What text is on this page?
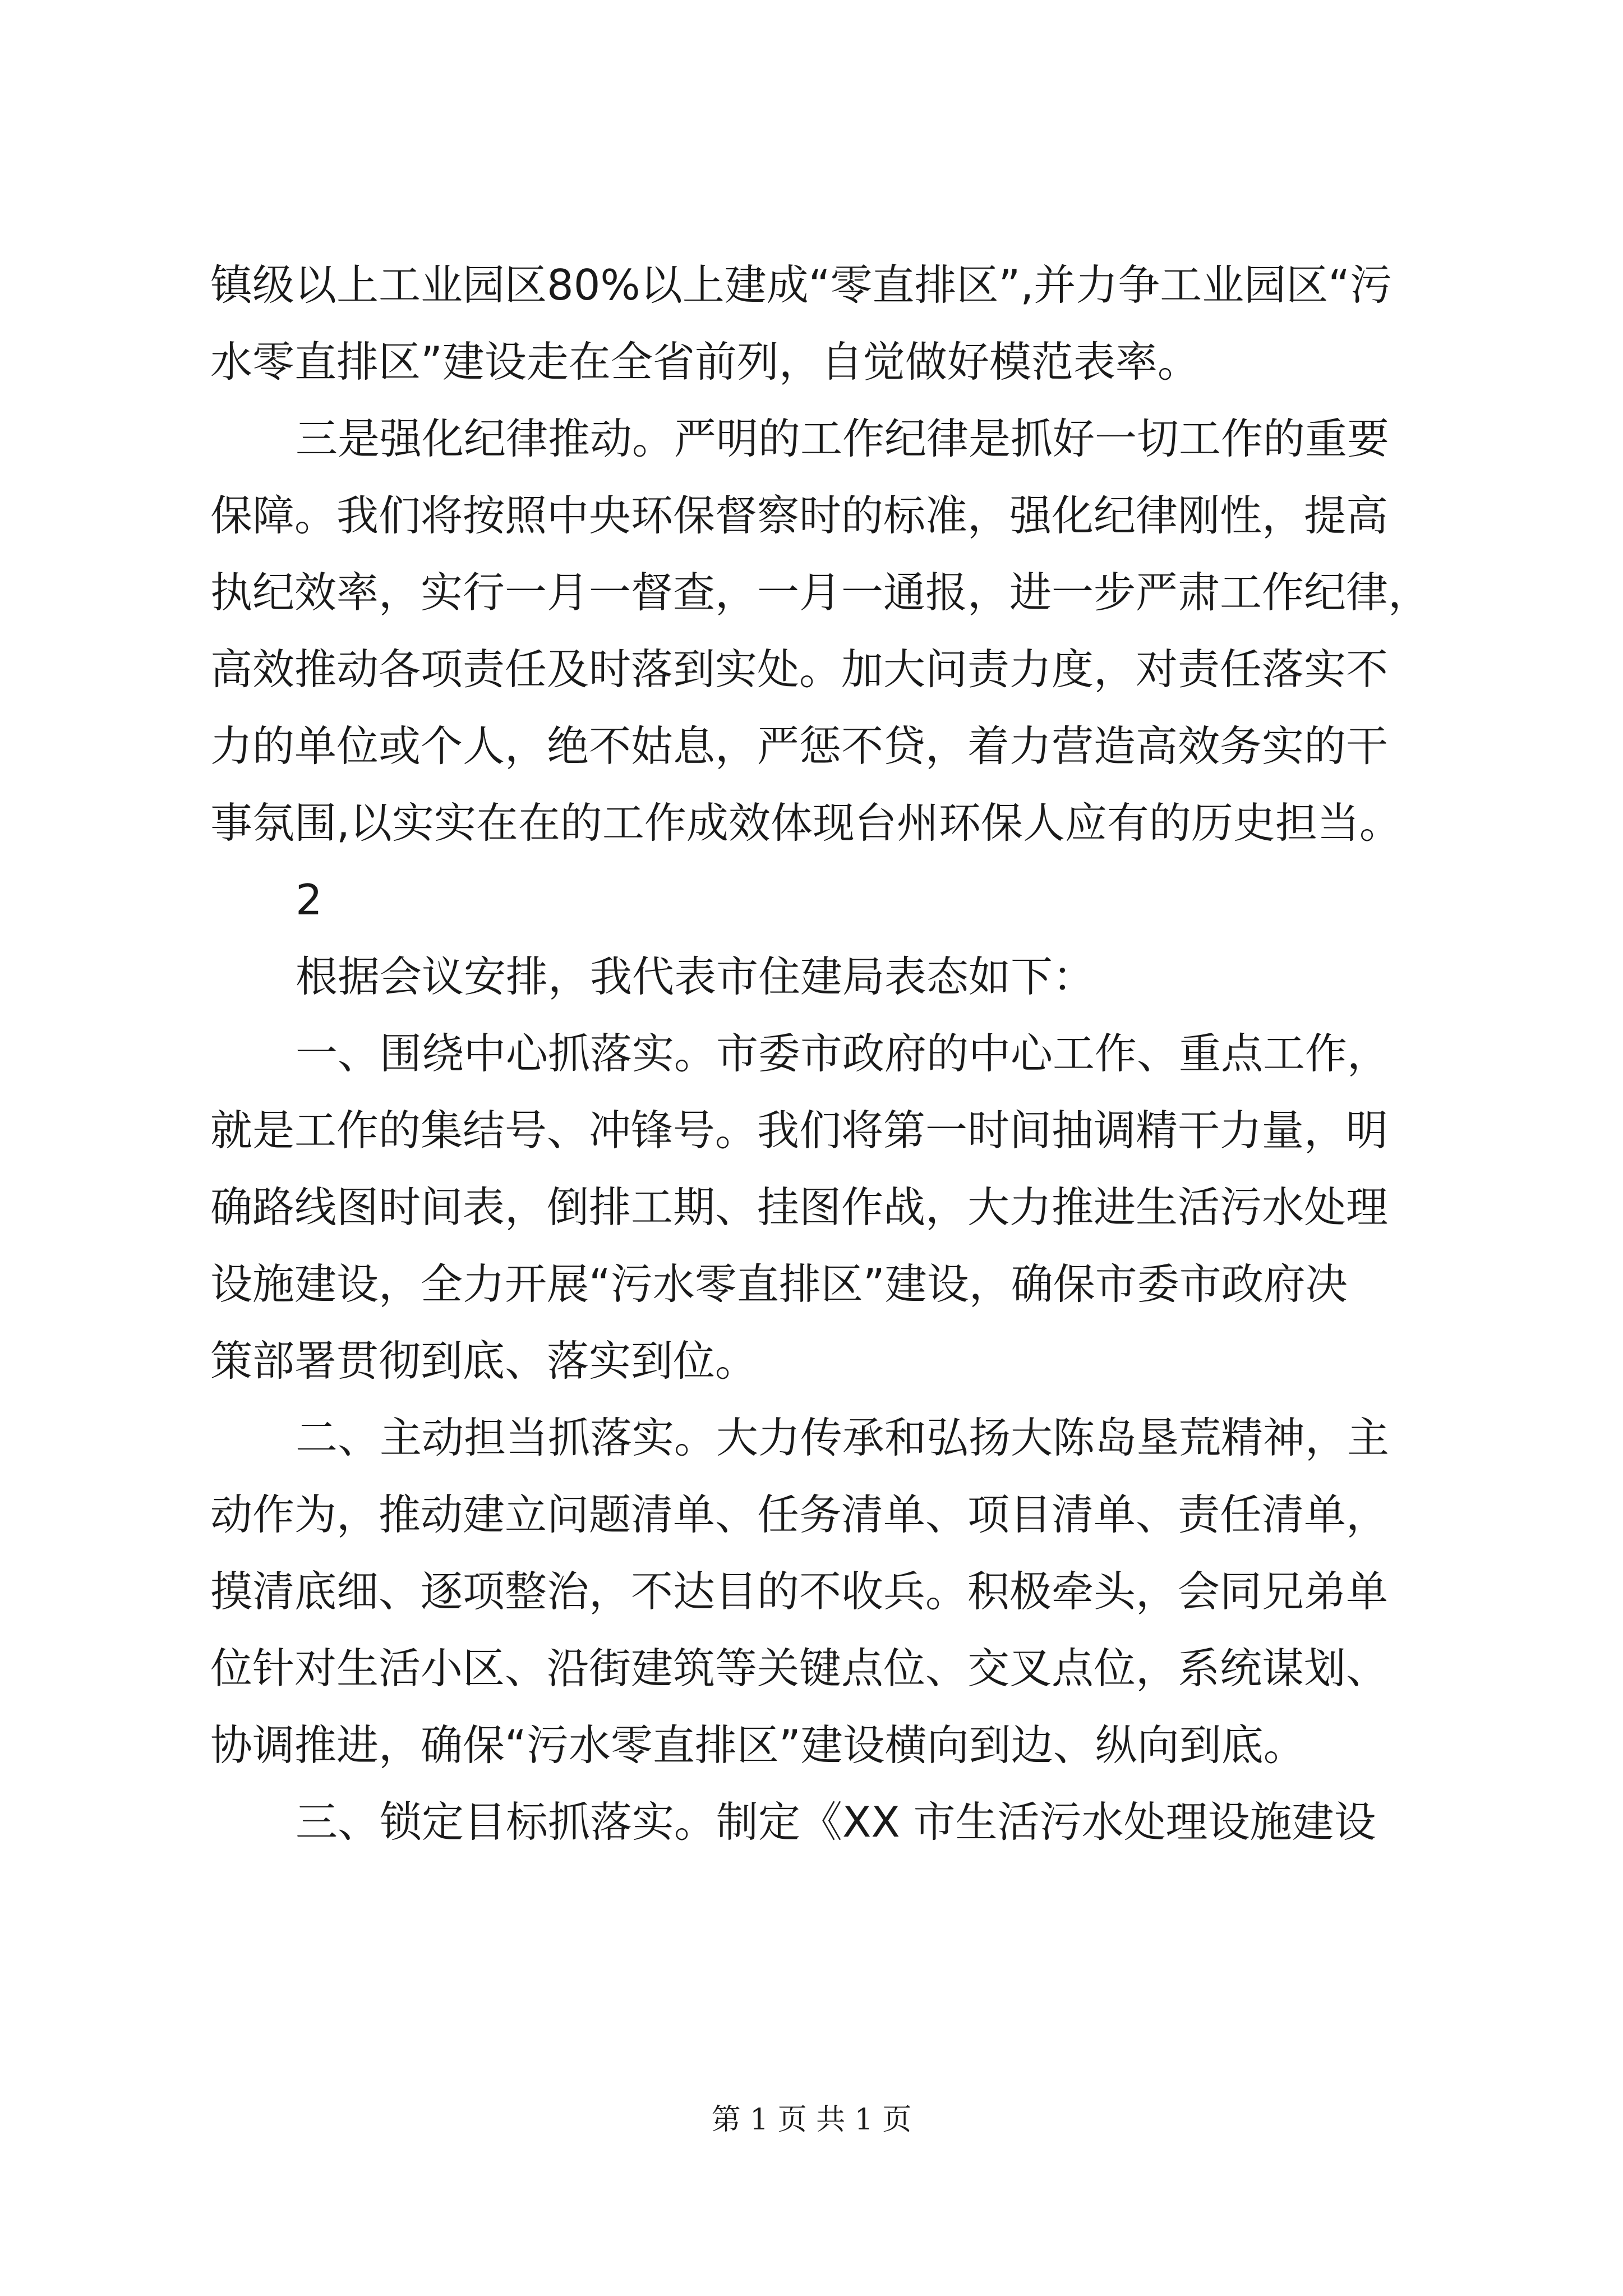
镇级以上工业园区80%以上建成“零直排区”,并力争工业园区“污
水零直排区”建设走在全省前列，自觉做好模范表率。
三是强化纪律推动。严明的工作纪律是抓好一切工作的重要
保障。我们将按照中央环保督察时的标准，强化纪律刚性，提高
执纪效率，实行一月一督查，一月一通报，进一步严肃工作纪律，
高效推动各项责任及时落到实处。加大问责力度，对责任落实不
力的单位或个人，绝不姑息，严惩不贷，着力营造高效务实的干
事氛围,以实实在在的工作成效体现台州环保人应有的历史担当。
2
根据会议安排，我代表市住建局表态如下：
一、围绕中心抓落实。市委市政府的中心工作、重点工作，
就是工作的集结号、冲锋号。我们将第一时间抽调精干力量，明
确路线图时间表，倒排工期、挂图作战，大力推进生活污水处理
设施建设，全力开展“污水零直排区”建设，确保市委市政府决
策部署贯彻到底、落实到位。
二、主动担当抓落实。大力传承和弘扬大陈岛垦荒精神，主
动作为，推动建立问题清单、任务清单、项目清单、责任清单，
摸清底细、逐项整治，不达目的不收兵。积极牵头，会同兄弟单
位针对生活小区、沿街建筑等关键点位、交叉点位，系统谋划、
协调推进，确保“污水零直排区”建设横向到边、纵向到底。
三、锁定目标抓落实。制定《XX 市生活污水处理设施建设
第 1 页 共 1 页
